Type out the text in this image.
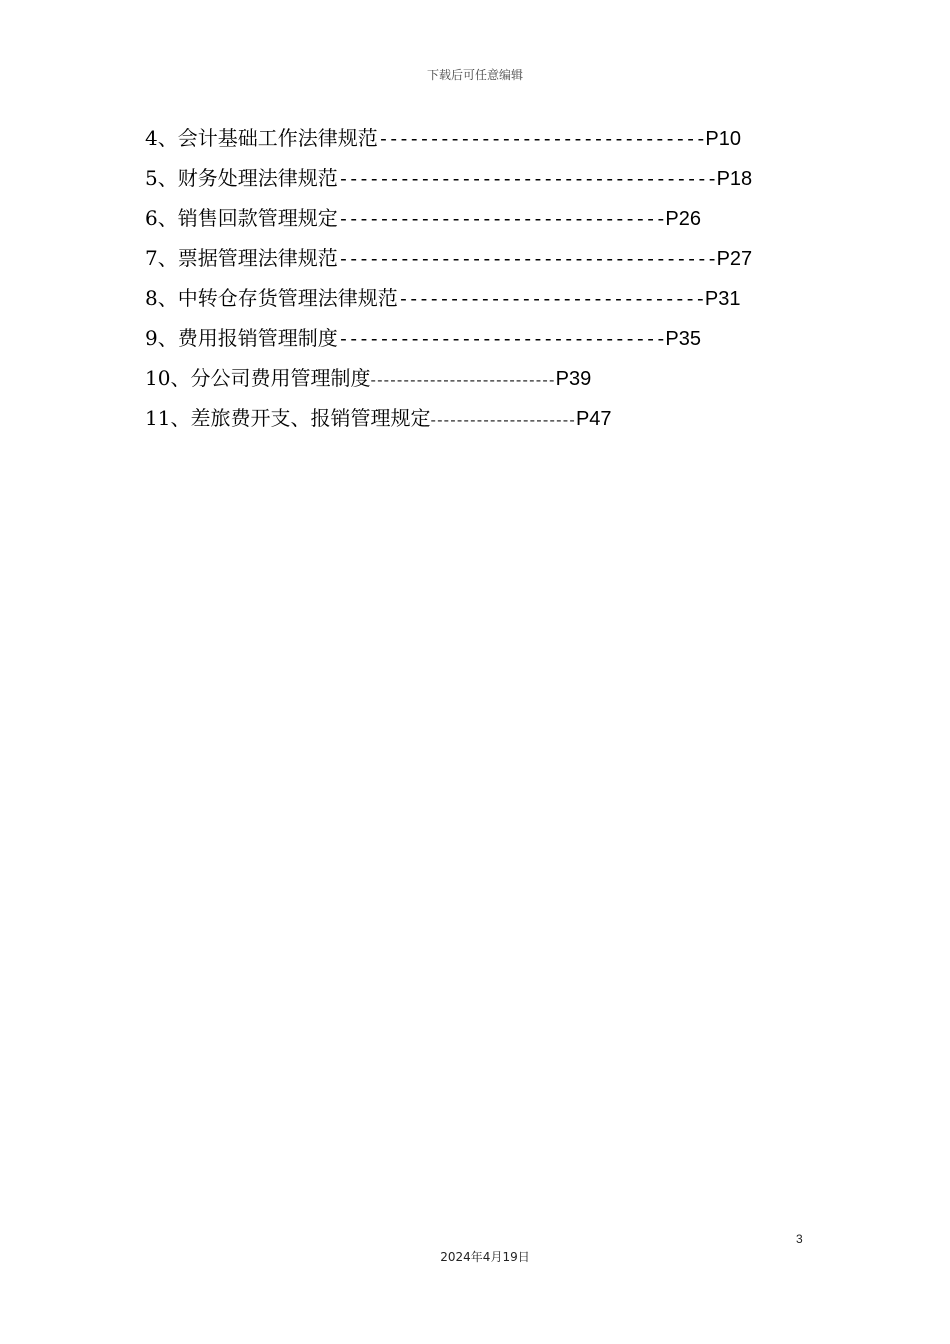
下载后可任意编辑
4、会计基础工作法律规范--------------------------------P10
5、财务处理法律规范-------------------------------------P18
6、销售回款管理规定--------------------------------P26
7、票据管理法律规范-------------------------------------P27
8、中转仓存货管理法律规范------------------------------P31
9、费用报销管理制度--------------------------------P35
10、分公司费用管理制度----------------------------P39
11、差旅费开支、报销管理规定----------------------P47
3
2024年4月19日
